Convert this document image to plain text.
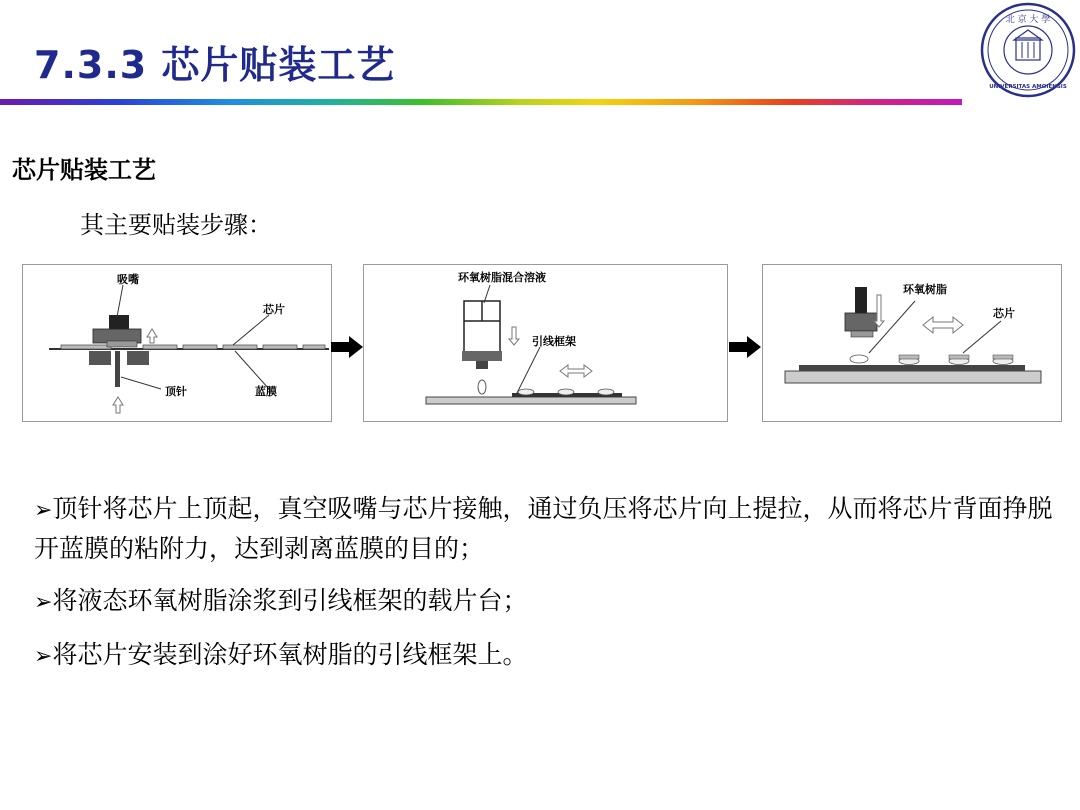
7.3.3 芯片贴装工艺
北 京 大 學
UNIVERSITAS AMOIENSIS
芯片贴装工艺
其主要贴装步骤：
吸嘴
芯片
顶针	蓝膜
环氧树脂混合溶液
引线框架
环氧树脂
芯片
➢顶针将芯片上顶起，真空吸嘴与芯片接触，通过负压将芯片向上提拉，从而将芯片背面挣脱开蓝膜的粘附力，达到剥离蓝膜的目的；
➢将液态环氧树脂涂浆到引线框架的载片台；
➢将芯片安装到涂好环氧树脂的引线框架上。
